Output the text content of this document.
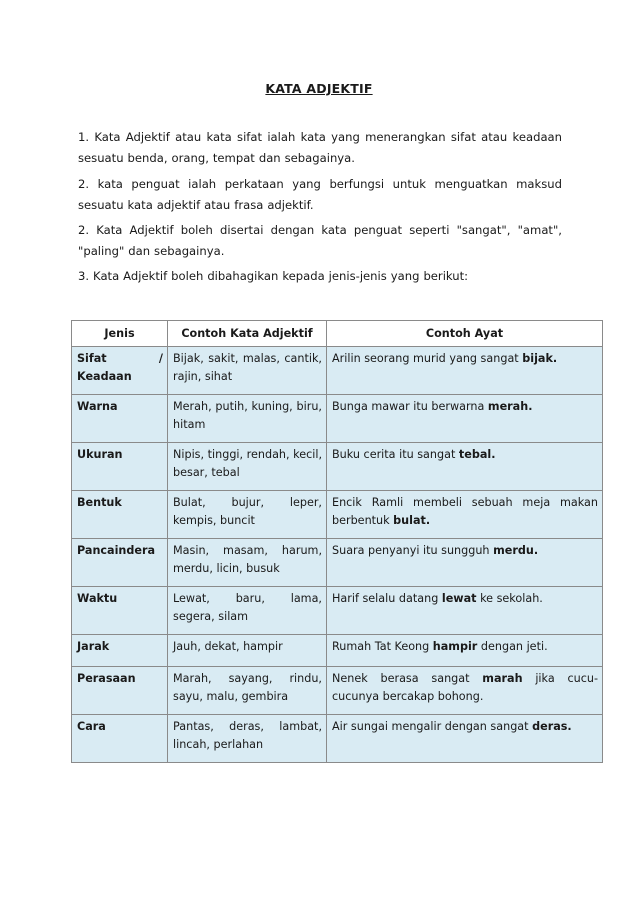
KATA ADJEKTIF
1. Kata Adjektif atau kata sifat ialah kata yang menerangkan sifat atau keadaan sesuatu benda, orang, tempat dan sebagainya.
2. kata penguat ialah perkataan yang berfungsi untuk menguatkan maksud sesuatu kata adjektif atau frasa adjektif.
2. Kata Adjektif boleh disertai dengan kata penguat seperti "sangat", "amat", "paling" dan sebagainya.
3. Kata Adjektif boleh dibahagikan kepada jenis-jenis yang berikut:
Jenis	Contoh Kata Adjektif	Contoh Ayat

Sifat /
Keadaan	Bijak, sakit, malas, cantik, rajin, sihat	Arilin seorang murid yang sangat bijak.
Warna	Merah, putih, kuning, biru, hitam	Bunga mawar itu berwarna merah.
Ukuran	Nipis, tinggi, rendah, kecil, besar, tebal	Buku cerita itu sangat tebal.
Bentuk	Bulat, bujur, leper, kempis, buncit	Encik Ramli membeli sebuah meja makan berbentuk bulat.
Pancaindera	Masin, masam, harum, merdu, licin, busuk	Suara penyanyi itu sungguh merdu.
Waktu	Lewat, baru, lama, segera, silam	Harif selalu datang lewat ke sekolah.
Jarak	Jauh, dekat, hampir	Rumah Tat Keong hampir dengan jeti.
Perasaan	Marah, sayang, rindu, sayu, malu, gembira	Nenek berasa sangat marah jika cucu-cucunya bercakap bohong.
Cara	Pantas, deras, lambat, lincah, perlahan	Air sungai mengalir dengan sangat deras.
